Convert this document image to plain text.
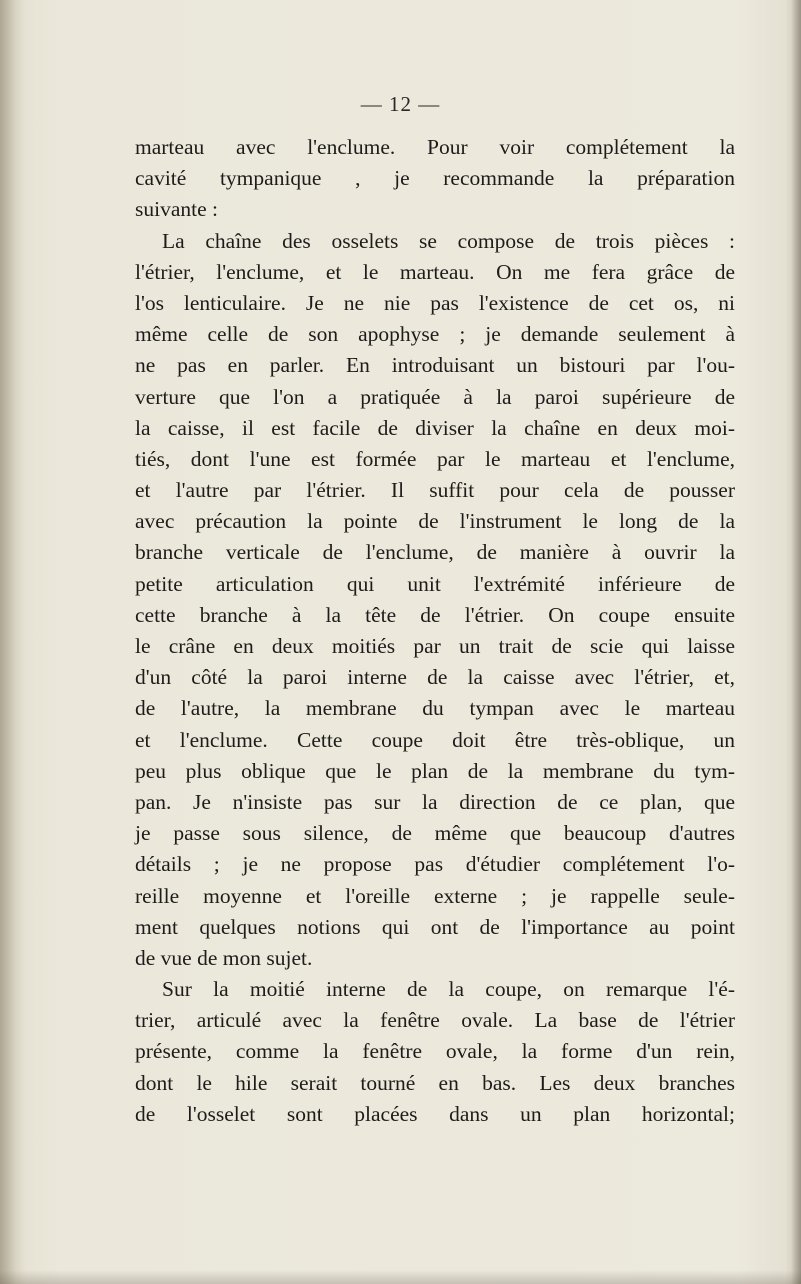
— 12 —
marteau avec l'enclume. Pour voir complétement la
cavité tympanique , je recommande la préparation
suivante :
La chaîne des osselets se compose de trois pièces :
l'étrier, l'enclume, et le marteau. On me fera grâce de
l'os lenticulaire. Je ne nie pas l'existence de cet os, ni
même celle de son apophyse ; je demande seulement à
ne pas en parler. En introduisant un bistouri par l'ou-
verture que l'on a pratiquée à la paroi supérieure de
la caisse, il est facile de diviser la chaîne en deux moi-
tiés, dont l'une est formée par le marteau et l'enclume,
et l'autre par l'étrier. Il suffit pour cela de pousser
avec précaution la pointe de l'instrument le long de la
branche verticale de l'enclume, de manière à ouvrir la
petite articulation qui unit l'extrémité inférieure de
cette branche à la tête de l'étrier. On coupe ensuite
le crâne en deux moitiés par un trait de scie qui laisse
d'un côté la paroi interne de la caisse avec l'étrier, et,
de l'autre, la membrane du tympan avec le marteau
et l'enclume. Cette coupe doit être très-oblique, un
peu plus oblique que le plan de la membrane du tym-
pan. Je n'insiste pas sur la direction de ce plan, que
je passe sous silence, de même que beaucoup d'autres
détails ; je ne propose pas d'étudier complétement l'o-
reille moyenne et l'oreille externe ; je rappelle seule-
ment quelques notions qui ont de l'importance au point
de vue de mon sujet.
Sur la moitié interne de la coupe, on remarque l'é-
trier, articulé avec la fenêtre ovale. La base de l'étrier
présente, comme la fenêtre ovale, la forme d'un rein,
dont le hile serait tourné en bas. Les deux branches
de l'osselet sont placées dans un plan horizontal;
